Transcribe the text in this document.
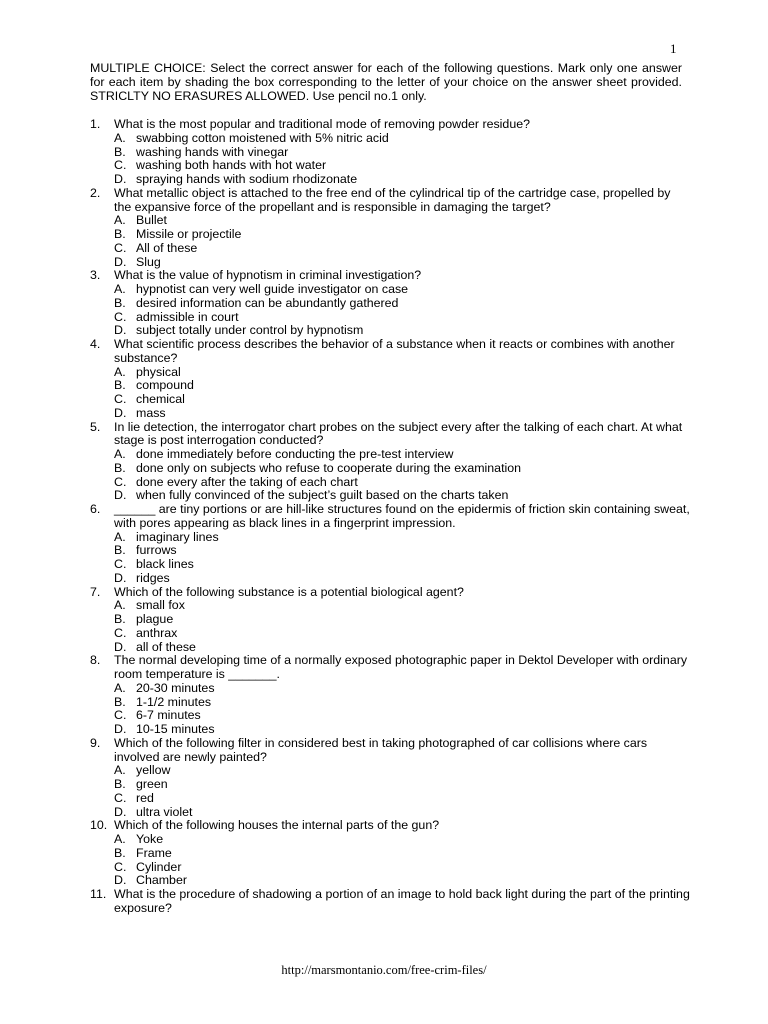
1

MULTIPLE CHOICE: Select the correct answer for each of the following questions. Mark only one answer for each item by shading the box corresponding to the letter of your choice on the answer sheet provided. STRICLTY NO ERASURES ALLOWED. Use pencil no.1 only.

1. What is the most popular and traditional mode of removing powder residue?
A. swabbing cotton moistened with 5% nitric acid
B. washing hands with vinegar
C. washing both hands with hot water
D. spraying hands with sodium rhodizonate
2. What metallic object is attached to the free end of the cylindrical tip of the cartridge case, propelled by the expansive force of the propellant and is responsible in damaging the target?
A. Bullet
B. Missile or projectile
C. All of these
D. Slug
3. What is the value of hypnotism in criminal investigation?
A. hypnotist can very well guide investigator on case
B. desired information can be abundantly gathered
C. admissible in court
D. subject totally under control by hypnotism
4. What scientific process describes the behavior of a substance when it reacts or combines with another substance?
A. physical
B. compound
C. chemical
D. mass
5. In lie detection, the interrogator chart probes on the subject every after the talking of each chart. At what stage is post interrogation conducted?
A. done immediately before conducting the pre-test interview
B. done only on subjects who refuse to cooperate during the examination
C. done every after the taking of each chart
D. when fully convinced of the subject’s guilt based on the charts taken
6. ______ are tiny portions or are hill-like structures found on the epidermis of friction skin containing sweat, with pores appearing as black lines in a fingerprint impression.
A. imaginary lines
B. furrows
C. black lines
D. ridges
7. Which of the following substance is a potential biological agent?
A. small fox
B. plague
C. anthrax
D. all of these
8. The normal developing time of a normally exposed photographic paper in Dektol Developer with ordinary room temperature is _______.
A. 20-30 minutes
B. 1-1/2 minutes
C. 6-7 minutes
D. 10-15 minutes
9. Which of the following filter in considered best in taking photographed of car collisions where cars involved are newly painted?
A. yellow
B. green
C. red
D. ultra violet
10. Which of the following houses the internal parts of the gun?
A. Yoke
B. Frame
C. Cylinder
D. Chamber
11. What is the procedure of shadowing a portion of an image to hold back light during the part of the printing exposure?
http://marsmontanio.com/free-crim-files/
